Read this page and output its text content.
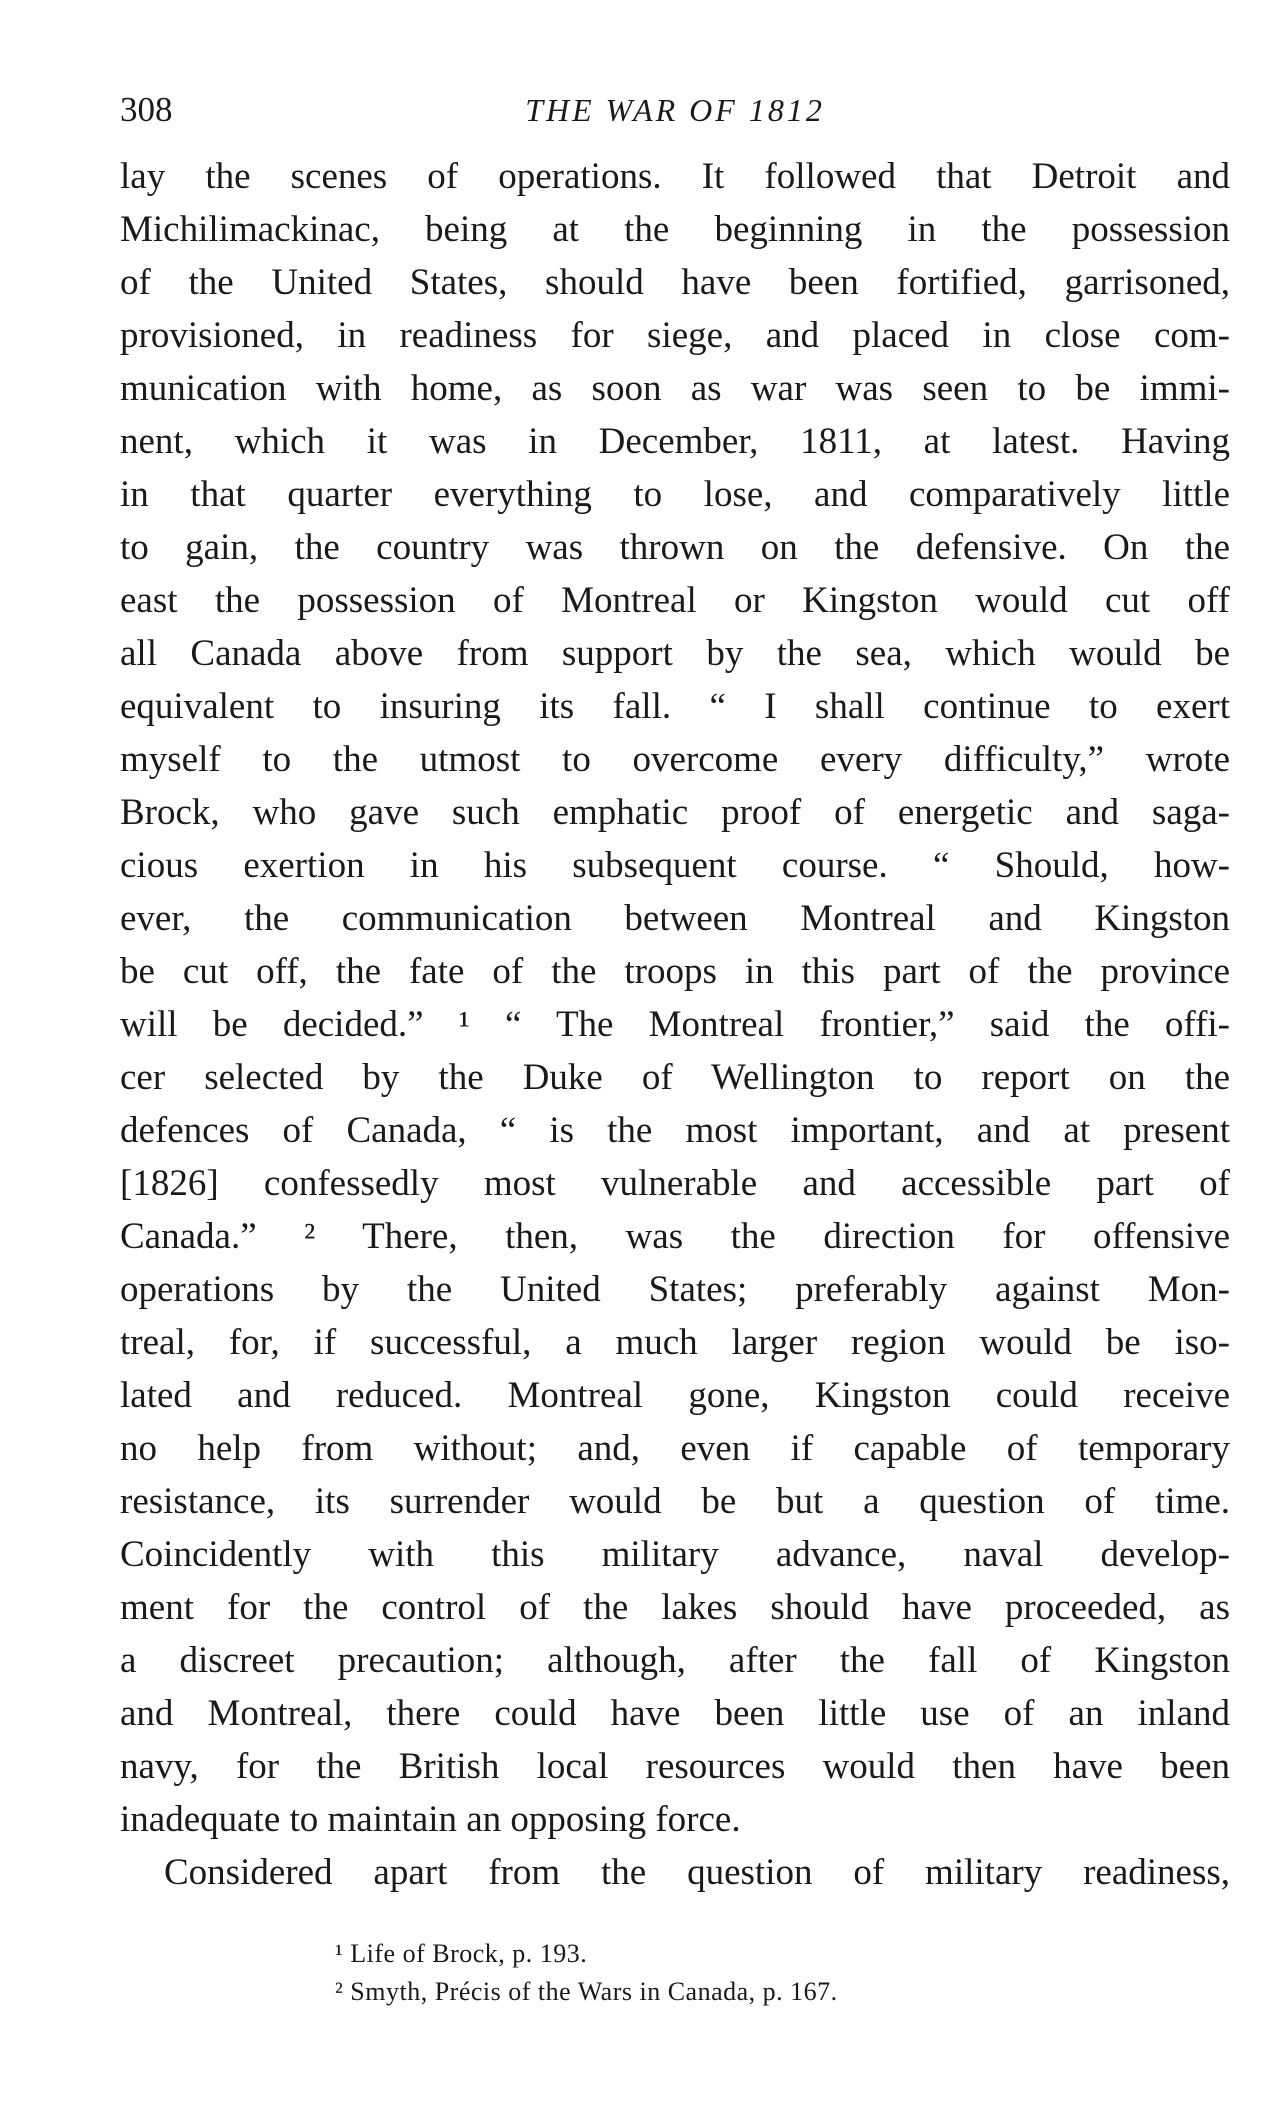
308	THE WAR OF 1812
lay the scenes of operations. It followed that Detroit and
Michilimackinac, being at the beginning in the possession
of the United States, should have been fortified, garrisoned,
provisioned, in readiness for siege, and placed in close com-
munication with home, as soon as war was seen to be immi-
nent, which it was in December, 1811, at latest. Having
in that quarter everything to lose, and comparatively little
to gain, the country was thrown on the defensive. On the
east the possession of Montreal or Kingston would cut off
all Canada above from support by the sea, which would be
equivalent to insuring its fall. “ I shall continue to exert
myself to the utmost to overcome every difficulty,” wrote
Brock, who gave such emphatic proof of energetic and saga-
cious exertion in his subsequent course. “ Should, how-
ever, the communication between Montreal and Kingston
be cut off, the fate of the troops in this part of the province
will be decided.” ¹ “ The Montreal frontier,” said the offi-
cer selected by the Duke of Wellington to report on the
defences of Canada, “ is the most important, and at present
[1826] confessedly most vulnerable and accessible part of
Canada.” ² There, then, was the direction for offensive
operations by the United States; preferably against Mon-
treal, for, if successful, a much larger region would be iso-
lated and reduced. Montreal gone, Kingston could receive
no help from without; and, even if capable of temporary
resistance, its surrender would be but a question of time.
Coincidently with this military advance, naval develop-
ment for the control of the lakes should have proceeded, as
a discreet precaution; although, after the fall of Kingston
and Montreal, there could have been little use of an inland
navy, for the British local resources would then have been
inadequate to maintain an opposing force.
Considered apart from the question of military readiness,
¹ Life of Brock, p. 193.
² Smyth, Précis of the Wars in Canada, p. 167.
